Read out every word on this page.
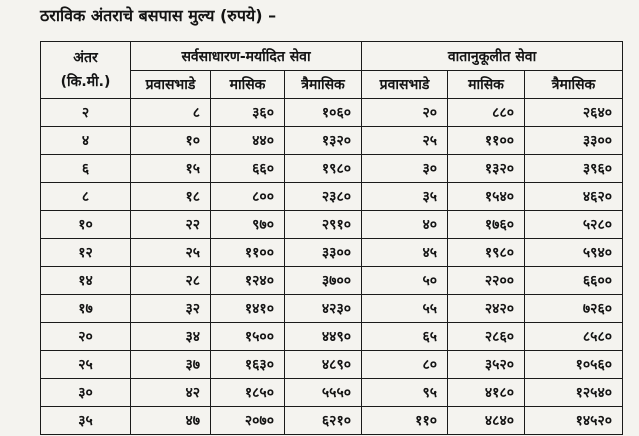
ठराविक अंतराचे बसपास मुल्य (रुपये) –
अंतर
(कि.मी.)	सर्वसाधारण-मर्यादित सेवा			वातानुकूलीत सेवा		
	प्रवासभाडे	मासिक	त्रैमासिक	प्रवासभाडे	मासिक	त्रैमासिक
२	८	३६०	१०६०	२०	८८०	२६४०
४	१०	४४०	१३२०	२५	११००	३३००
६	१५	६६०	१९८०	३०	१३२०	३९६०
८	१८	८००	२३८०	३५	१५४०	४६२०
१०	२२	९७०	२९१०	४०	१७६०	५२८०
१२	२५	११००	३३००	४५	१९८०	५९४०
१४	२८	१२४०	३७००	५०	२२००	६६००
१७	३२	१४१०	४२३०	५५	२४२०	७२६०
२०	३४	१५००	४४९०	६५	२८६०	८५८०
२५	३७	१६३०	४८९०	८०	३५२०	१०५६०
३०	४२	१८५०	५५५०	९५	४१८०	१२५४०
३५	४७	२०७०	६२१०	११०	४८४०	१४५२०
